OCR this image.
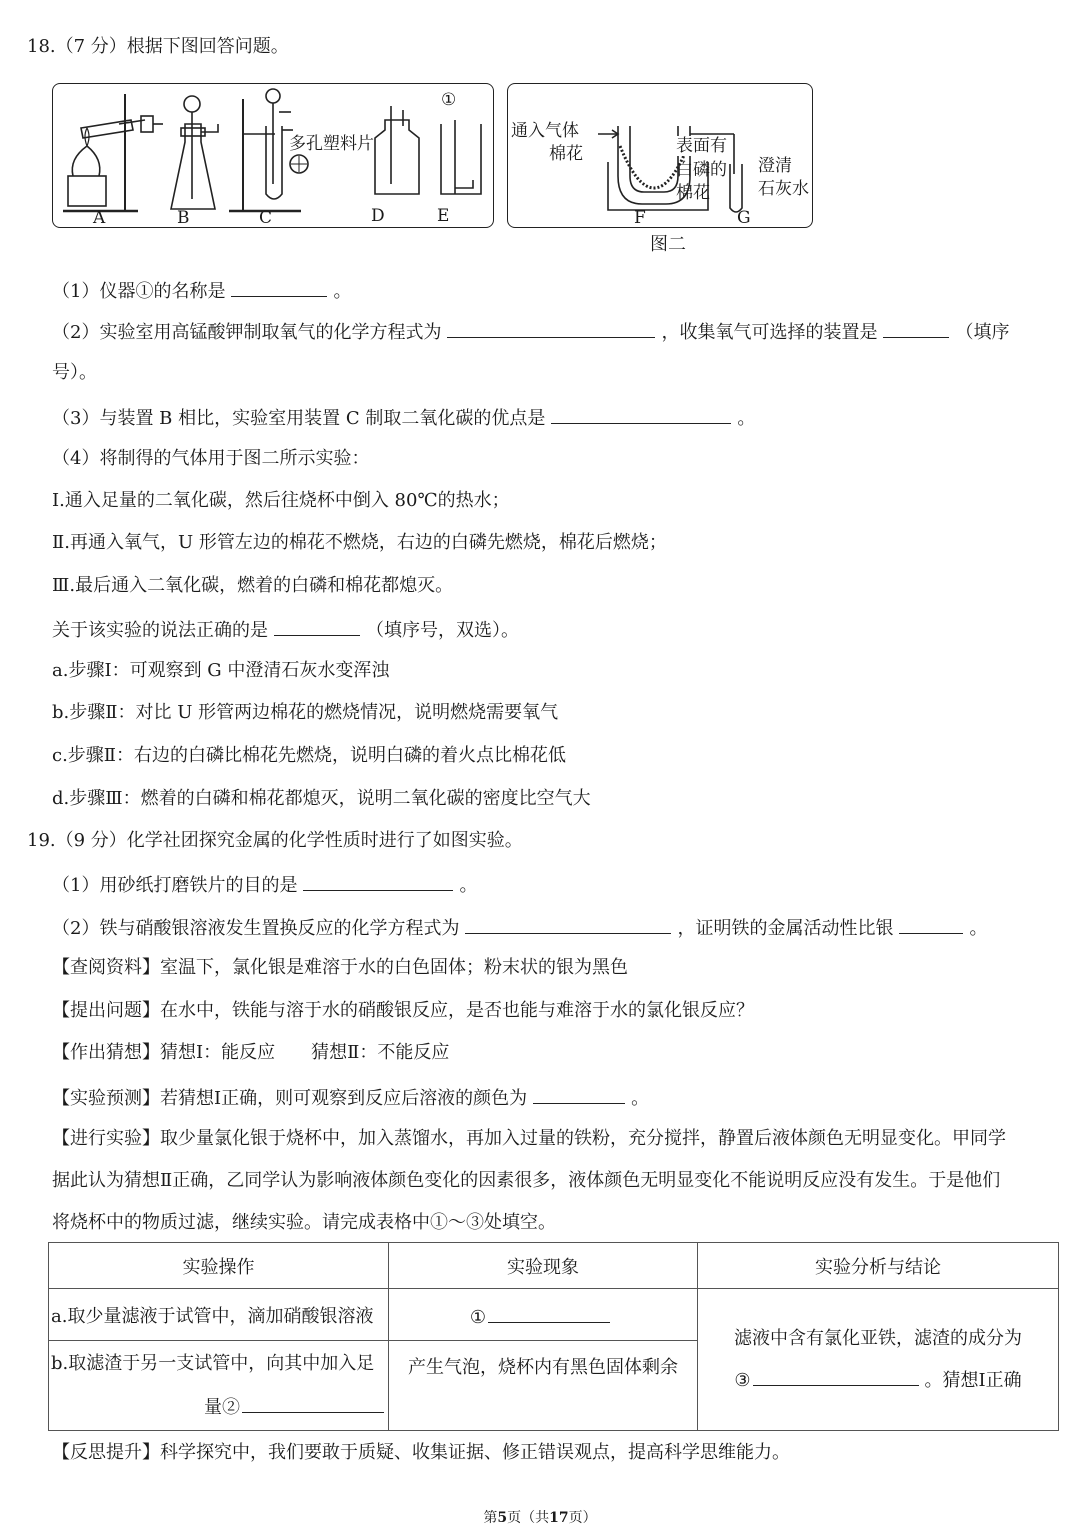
18.（7 分）根据下图回答问题。
多孔塑料片
①
A	B	C	D	E
通入气体
棉花	表面有
白磷的
棉花
澄清
石灰水
F	G
图二
（1）仪器①的名称是	。
（2）实验室用高锰酸钾制取氧气的化学方程式为	，收集氧气可选择的装置是	（填序
号）。
（3）与装置 B 相比，实验室用装置 C 制取二氧化碳的优点是	。
（4）将制得的气体用于图二所示实验：
Ⅰ.通入足量的二氧化碳，然后往烧杯中倒入 80℃的热水；
Ⅱ.再通入氧气，U 形管左边的棉花不燃烧，右边的白磷先燃烧，棉花后燃烧；
Ⅲ.最后通入二氧化碳，燃着的白磷和棉花都熄灭。
关于该实验的说法正确的是	（填序号，双选）。
a.步骤Ⅰ：可观察到 G 中澄清石灰水变浑浊
b.步骤Ⅱ：对比 U 形管两边棉花的燃烧情况，说明燃烧需要氧气
c.步骤Ⅱ：右边的白磷比棉花先燃烧，说明白磷的着火点比棉花低
d.步骤Ⅲ：燃着的白磷和棉花都熄灭，说明二氧化碳的密度比空气大
19.（9 分）化学社团探究金属的化学性质时进行了如图实验。
（1）用砂纸打磨铁片的目的是	。
（2）铁与硝酸银溶液发生置换反应的化学方程式为	，证明铁的金属活动性比银	。
【查阅资料】室温下，氯化银是难溶于水的白色固体；粉末状的银为黑色
【提出问题】在水中，铁能与溶于水的硝酸银反应，是否也能与难溶于水的氯化银反应？
【作出猜想】猜想Ⅰ：能反应　　猜想Ⅱ：不能反应
【实验预测】若猜想Ⅰ正确，则可观察到反应后溶液的颜色为	。
【进行实验】取少量氯化银于烧杯中，加入蒸馏水，再加入过量的铁粉，充分搅拌，静置后液体颜色无明显变化。甲同学
据此认为猜想Ⅱ正确，乙同学认为影响液体颜色变化的因素很多，液体颜色无明显变化不能说明反应没有发生。于是他们
将烧杯中的物质过滤，继续实验。请完成表格中①～③处填空。
实验操作	实验现象	实验分析与结论
a.取少量滤液于试管中，滴加硝酸银溶液	①	滤液中含有氯化亚铁，滤渣的成分为
③ 。猜想Ⅰ正确

b.取滤渣于另一支试管中，向其中加入足
量②	产生气泡，烧杯内有黑色固体剩余	
【反思提升】科学探究中，我们要敢于质疑、收集证据、修正错误观点，提高科学思维能力。
第5页（共17页）
